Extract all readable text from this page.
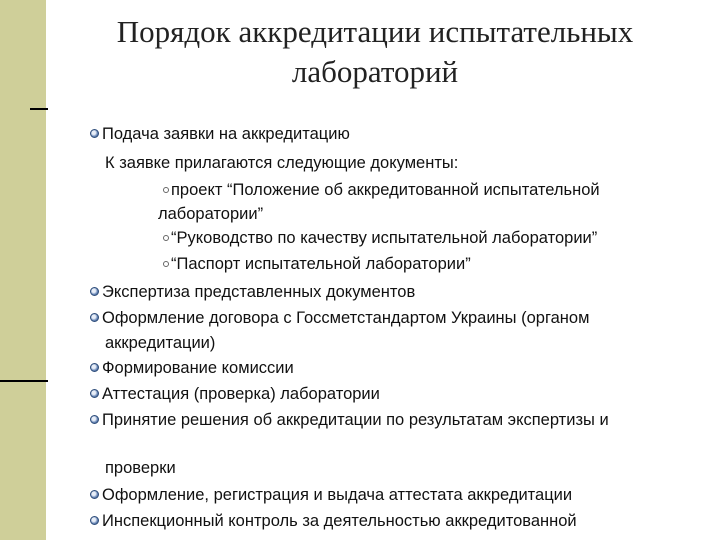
Порядок аккредитации испытательных
лабораторий
Подача заявки на аккредитацию
К заявке прилагаются следующие документы:
проект “Положение об аккредитованной испытательной
лаборатории”
“Руководство по качеству испытательной лаборатории”
“Паспорт испытательной лаборатории”
Экспертиза представленных документов
Оформление договора с Госсметстандартом Украины (органом
аккредитации)
Формирование комиссии
Аттестация (проверка) лаборатории
Принятие решения об аккредитации по результатам экспертизы и
проверки
Оформление, регистрация и выдача аттестата аккредитации
Инспекционный контроль за деятельностью аккредитованной
